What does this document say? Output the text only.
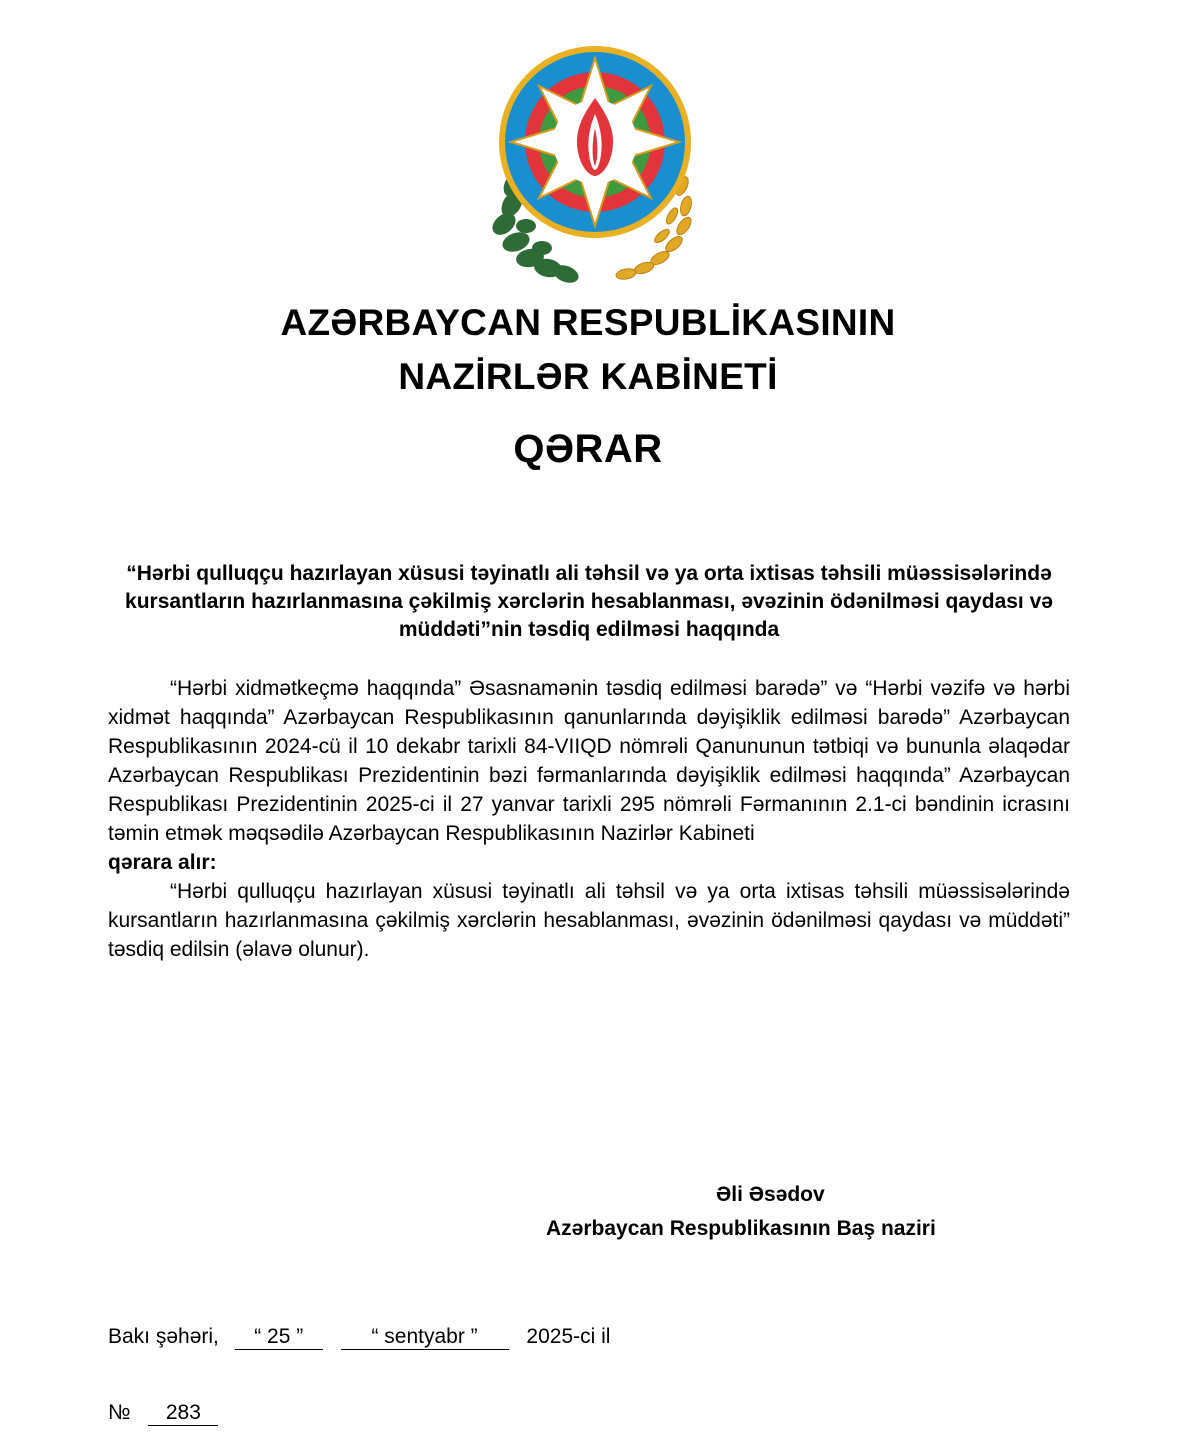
AZƏRBAYCAN RESPUBLİKASININ
NAZİRLƏR KABİNETİ
QƏRAR
“Hərbi qulluqçu hazırlayan xüsusi təyinatlı ali təhsil və ya orta ixtisas təhsili müəssisələrində kursantların hazırlanmasına çəkilmiş xərclərin hesablanması, əvəzinin ödənilməsi qaydası və müddəti”nin təsdiq edilməsi haqqında

“Hərbi xidmətkeçmə haqqında” Əsasnamənin təsdiq edilməsi barədə” və “Hərbi vəzifə və hərbi xidmət haqqında” Azərbaycan Respublikasının qanunlarında dəyişiklik edilməsi barədə” Azərbaycan Respublikasının 2024-cü il 10 dekabr tarixli 84-VIIQD nömrəli Qanununun tətbiqi və bununla əlaqədar Azərbaycan Respublikası Prezidentinin bəzi fərmanlarında dəyişiklik edilməsi haqqında” Azərbaycan Respublikası Prezidentinin 2025-ci il 27 yanvar tarixli 295 nömrəli Fərmanının 2.1-ci bəndinin icrasını təmin etmək məqsədilə Azərbaycan Respublikasının Nazirlər Kabineti

qərara alır:

“Hərbi qulluqçu hazırlayan xüsusi təyinatlı ali təhsil və ya orta ixtisas təhsili müəssisələrində kursantların hazırlanmasına çəkilmiş xərclərin hesablanması, əvəzinin ödənilməsi qaydası və müddəti” təsdiq edilsin (əlavə olunur).

Əli Əsədov
Azərbaycan Respublikasının Baş naziri
Bakı şəhəri, “ 25 ”	“ sentyabr ” 2025-ci il
№ 283
